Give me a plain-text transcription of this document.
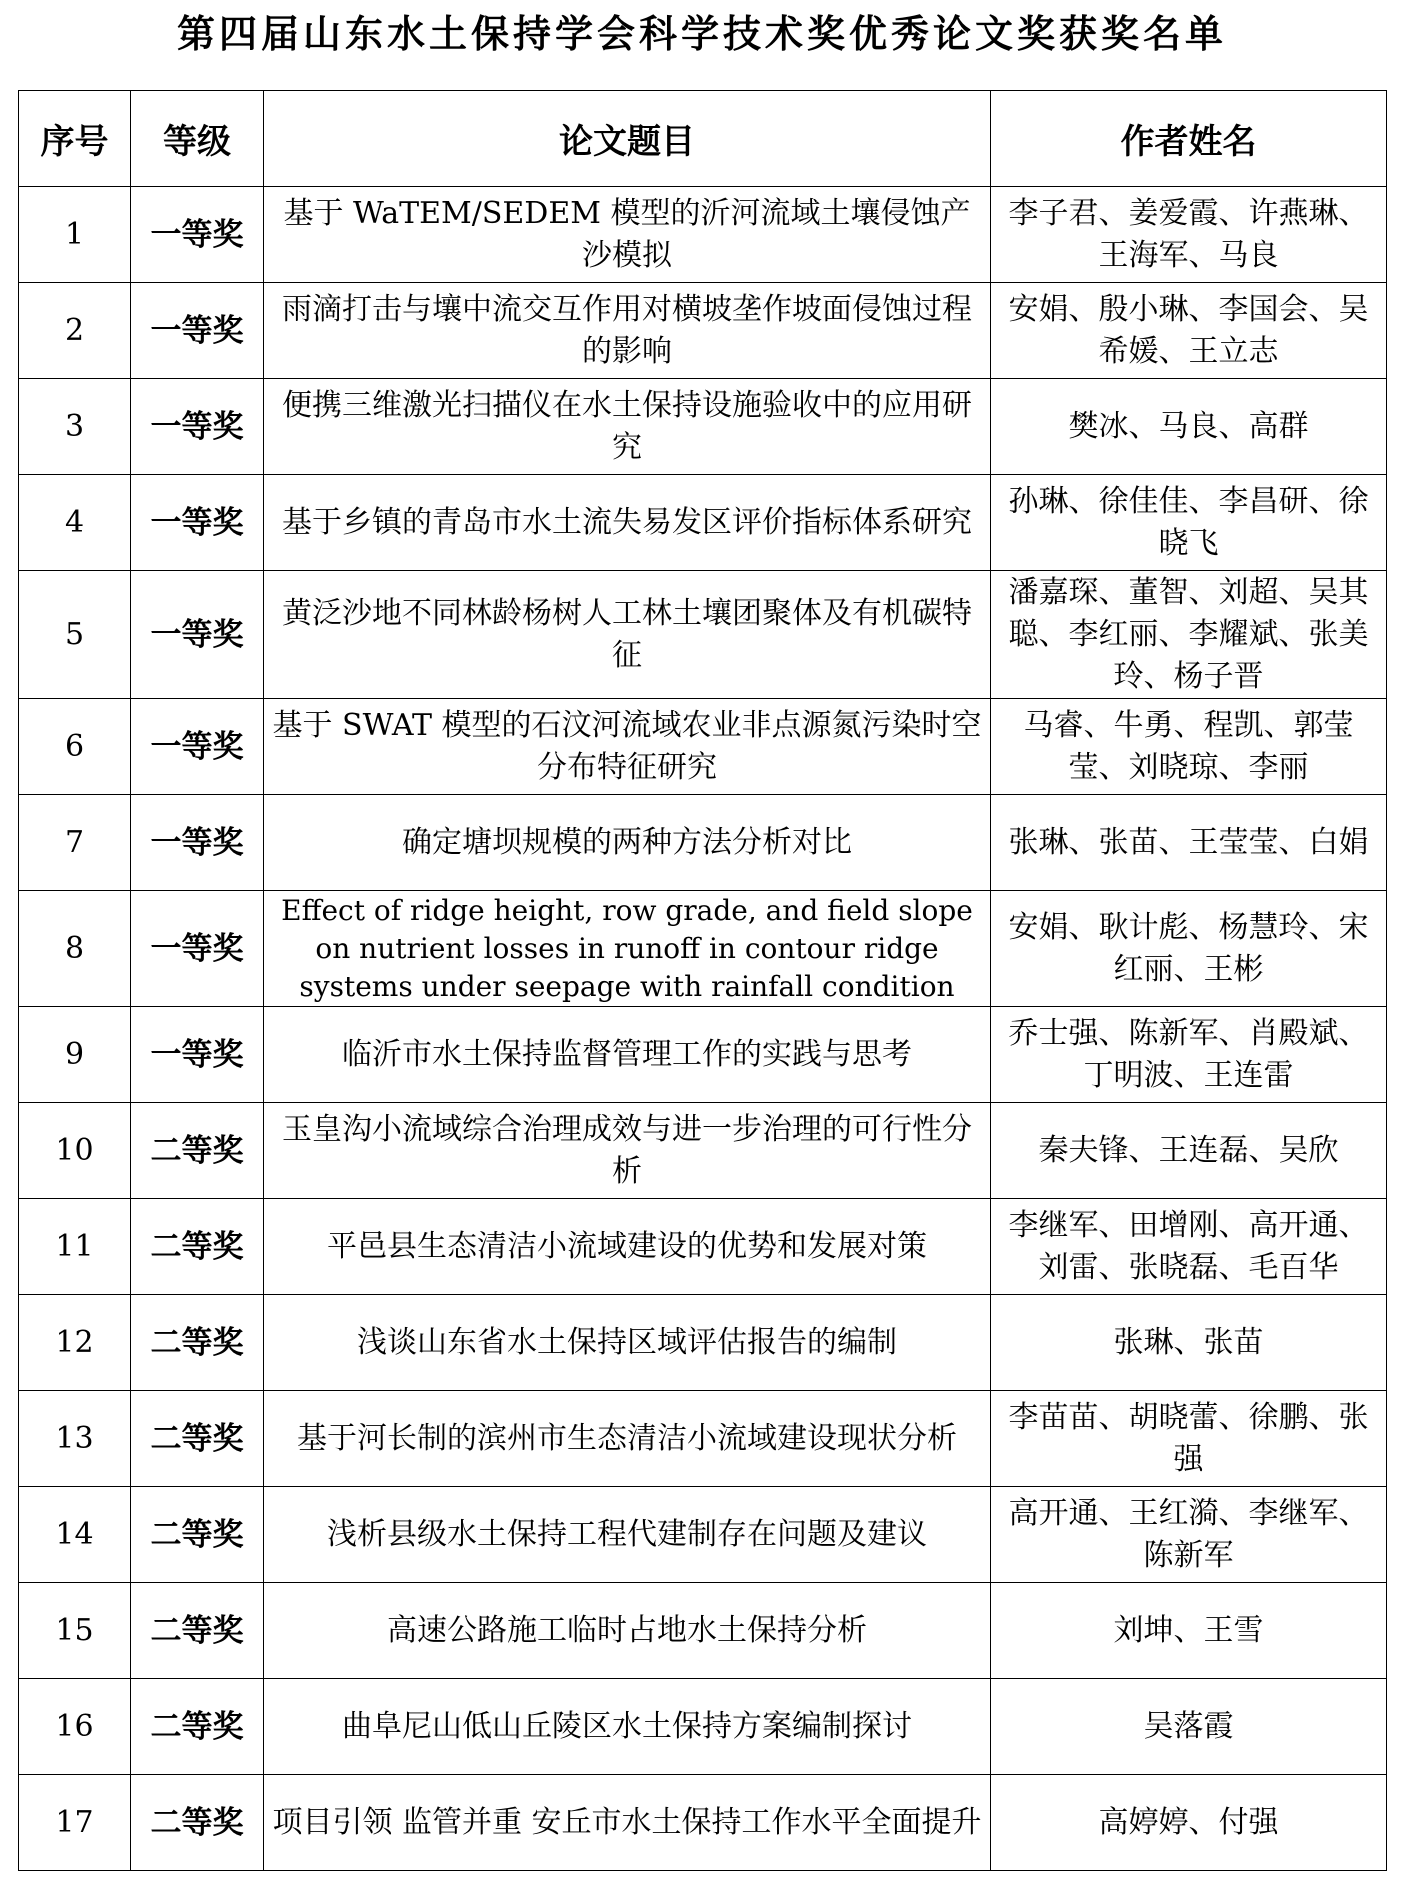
第四届山东水土保持学会科学技术奖优秀论文奖获奖名单
序号	等级	论文题目	作者姓名
1	一等奖	基于 WaTEM/SEDEM 模型的沂河流域土壤侵蚀产沙模拟	李子君、姜爱霞、许燕琳、王海军、马良
2	一等奖	雨滴打击与壤中流交互作用对横坡垄作坡面侵蚀过程的影响	安娟、殷小琳、李国会、吴希媛、王立志
3	一等奖	便携三维激光扫描仪在水土保持设施验收中的应用研究	樊冰、马良、高群
4	一等奖	基于乡镇的青岛市水土流失易发区评价指标体系研究	孙琳、徐佳佳、李昌研、徐晓飞
5	一等奖	黄泛沙地不同林龄杨树人工林土壤团聚体及有机碳特征	潘嘉琛、董智、刘超、吴其聪、李红丽、李耀斌、张美玲、杨子晋
6	一等奖	基于 SWAT 模型的石汶河流域农业非点源氮污染时空分布特征研究	马睿、牛勇、程凯、郭莹莹、刘晓琼、李丽
7	一等奖	确定塘坝规模的两种方法分析对比	张琳、张苗、王莹莹、白娟
8	一等奖	Effect of ridge height, row grade, and field slope on nutrient losses in runoff in contour ridge systems under seepage with rainfall condition	安娟、耿计彪、杨慧玲、宋红丽、王彬
9	一等奖	临沂市水土保持监督管理工作的实践与思考	乔士强、陈新军、肖殿斌、丁明波、王连雷
10	二等奖	玉皇沟小流域综合治理成效与进一步治理的可行性分析	秦夫锋、王连磊、吴欣
11	二等奖	平邑县生态清洁小流域建设的优势和发展对策	李继军、田增刚、高开通、刘雷、张晓磊、毛百华
12	二等奖	浅谈山东省水土保持区域评估报告的编制	张琳、张苗
13	二等奖	基于河长制的滨州市生态清洁小流域建设现状分析	李苗苗、胡晓蕾、徐鹏、张强
14	二等奖	浅析县级水土保持工程代建制存在问题及建议	高开通、王红漪、李继军、陈新军
15	二等奖	高速公路施工临时占地水土保持分析	刘坤、王雪
16	二等奖	曲阜尼山低山丘陵区水土保持方案编制探讨	吴落霞
17	二等奖	项目引领 监管并重 安丘市水土保持工作水平全面提升	高婷婷、付强
